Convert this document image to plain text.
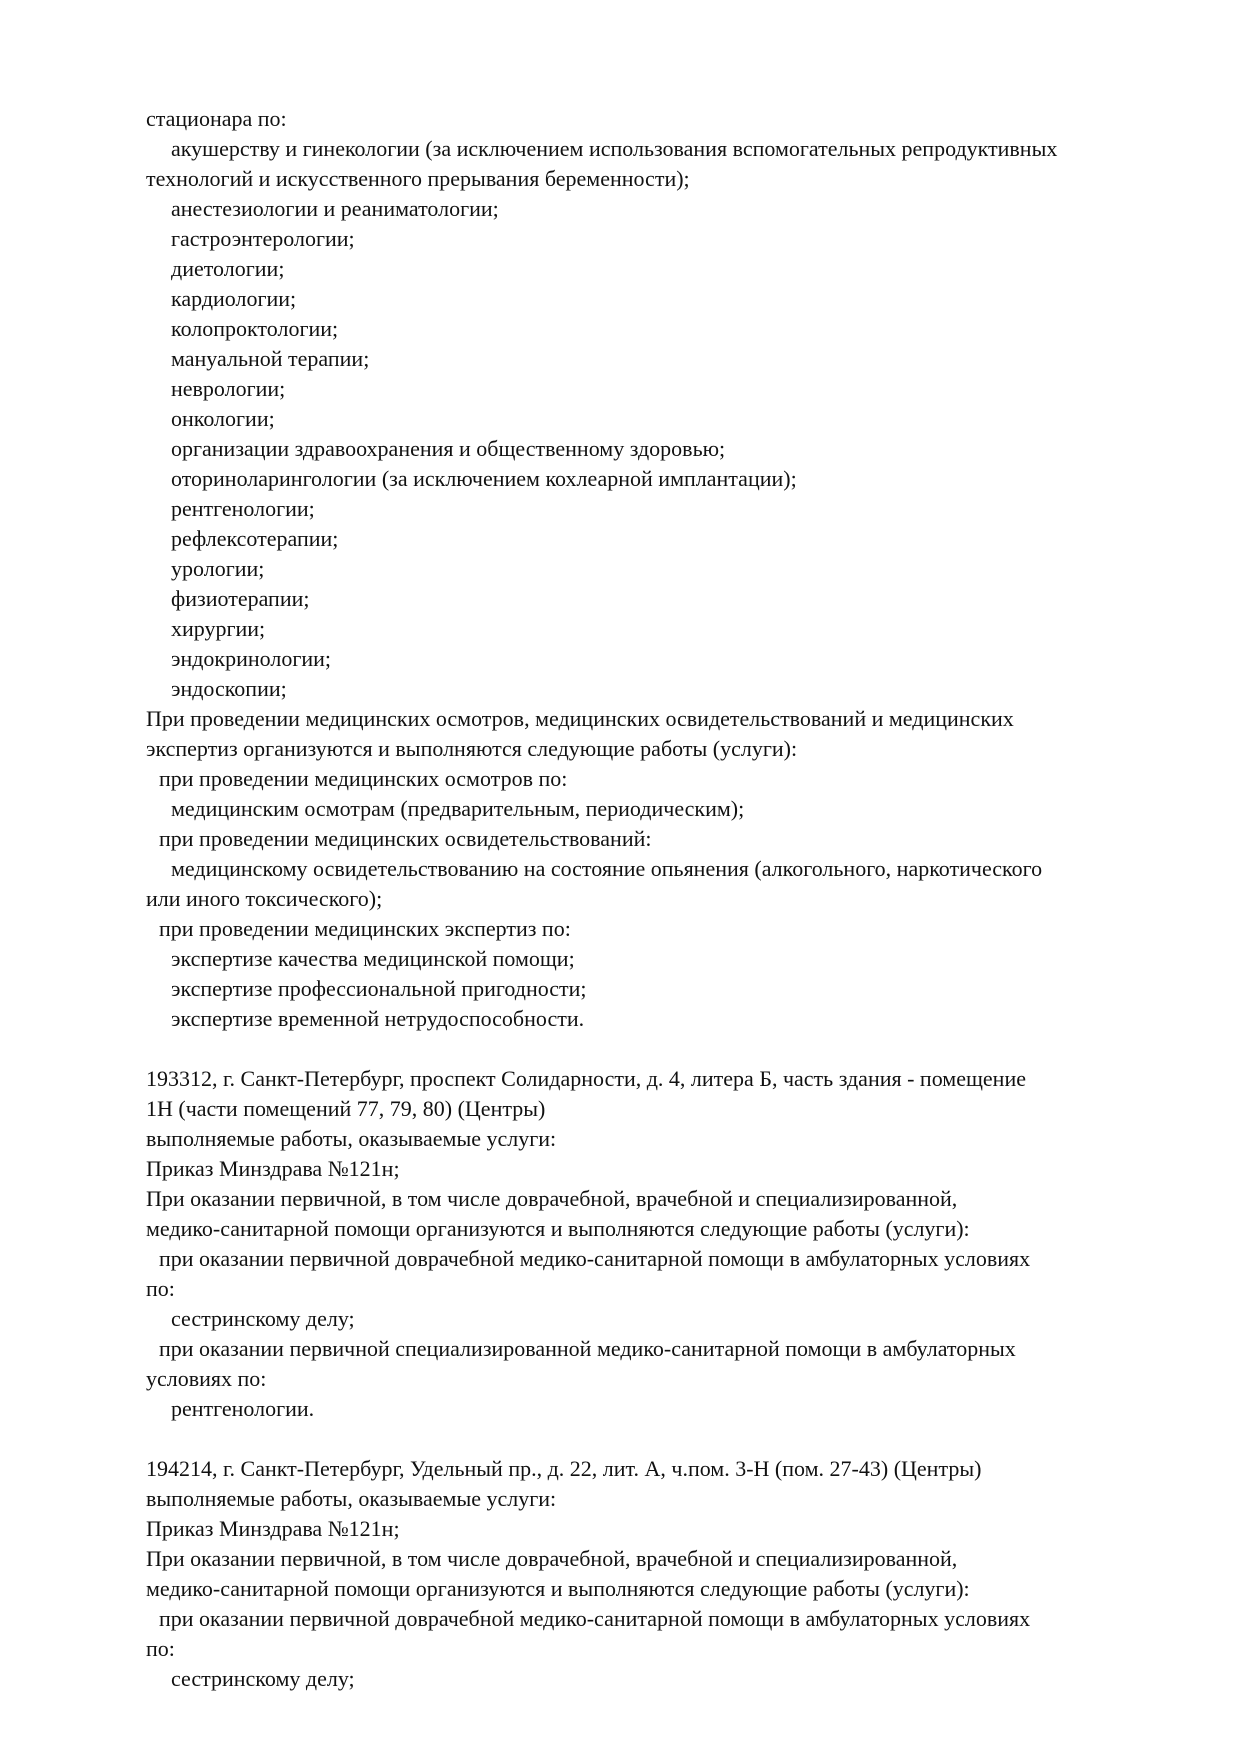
стационара по:
акушерству и гинекологии (за исключением использования вспомогательных репродуктивных
технологий и искусственного прерывания беременности);
анестезиологии и реаниматологии;
гастроэнтерологии;
диетологии;
кардиологии;
колопроктологии;
мануальной терапии;
неврологии;
онкологии;
организации здравоохранения и общественному здоровью;
оториноларингологии (за исключением кохлеарной имплантации);
рентгенологии;
рефлексотерапии;
урологии;
физиотерапии;
хирургии;
эндокринологии;
эндоскопии;
При проведении медицинских осмотров, медицинских освидетельствований и медицинских
экспертиз организуются и выполняются следующие работы (услуги):
при проведении медицинских осмотров по:
медицинским осмотрам (предварительным, периодическим);
при проведении медицинских освидетельствований:
медицинскому освидетельствованию на состояние опьянения (алкогольного, наркотического
или иного токсического);
при проведении медицинских экспертиз по:
экспертизе качества медицинской помощи;
экспертизе профессиональной пригодности;
экспертизе временной нетрудоспособности.
193312, г. Санкт-Петербург, проспект Солидарности, д. 4, литера Б, часть здания - помещение
1Н (части помещений 77, 79, 80) (Центры)
выполняемые работы, оказываемые услуги:
Приказ Минздрава №121н;
При оказании первичной, в том числе доврачебной, врачебной и специализированной,
медико-санитарной помощи организуются и выполняются следующие работы (услуги):
при оказании первичной доврачебной медико-санитарной помощи в амбулаторных условиях
по:
сестринскому делу;
при оказании первичной специализированной медико-санитарной помощи в амбулаторных
условиях по:
рентгенологии.
194214, г. Санкт-Петербург, Удельный пр., д. 22, лит. А, ч.пом. 3-Н (пом. 27-43) (Центры)
выполняемые работы, оказываемые услуги:
Приказ Минздрава №121н;
При оказании первичной, в том числе доврачебной, врачебной и специализированной,
медико-санитарной помощи организуются и выполняются следующие работы (услуги):
при оказании первичной доврачебной медико-санитарной помощи в амбулаторных условиях
по:
сестринскому делу;
